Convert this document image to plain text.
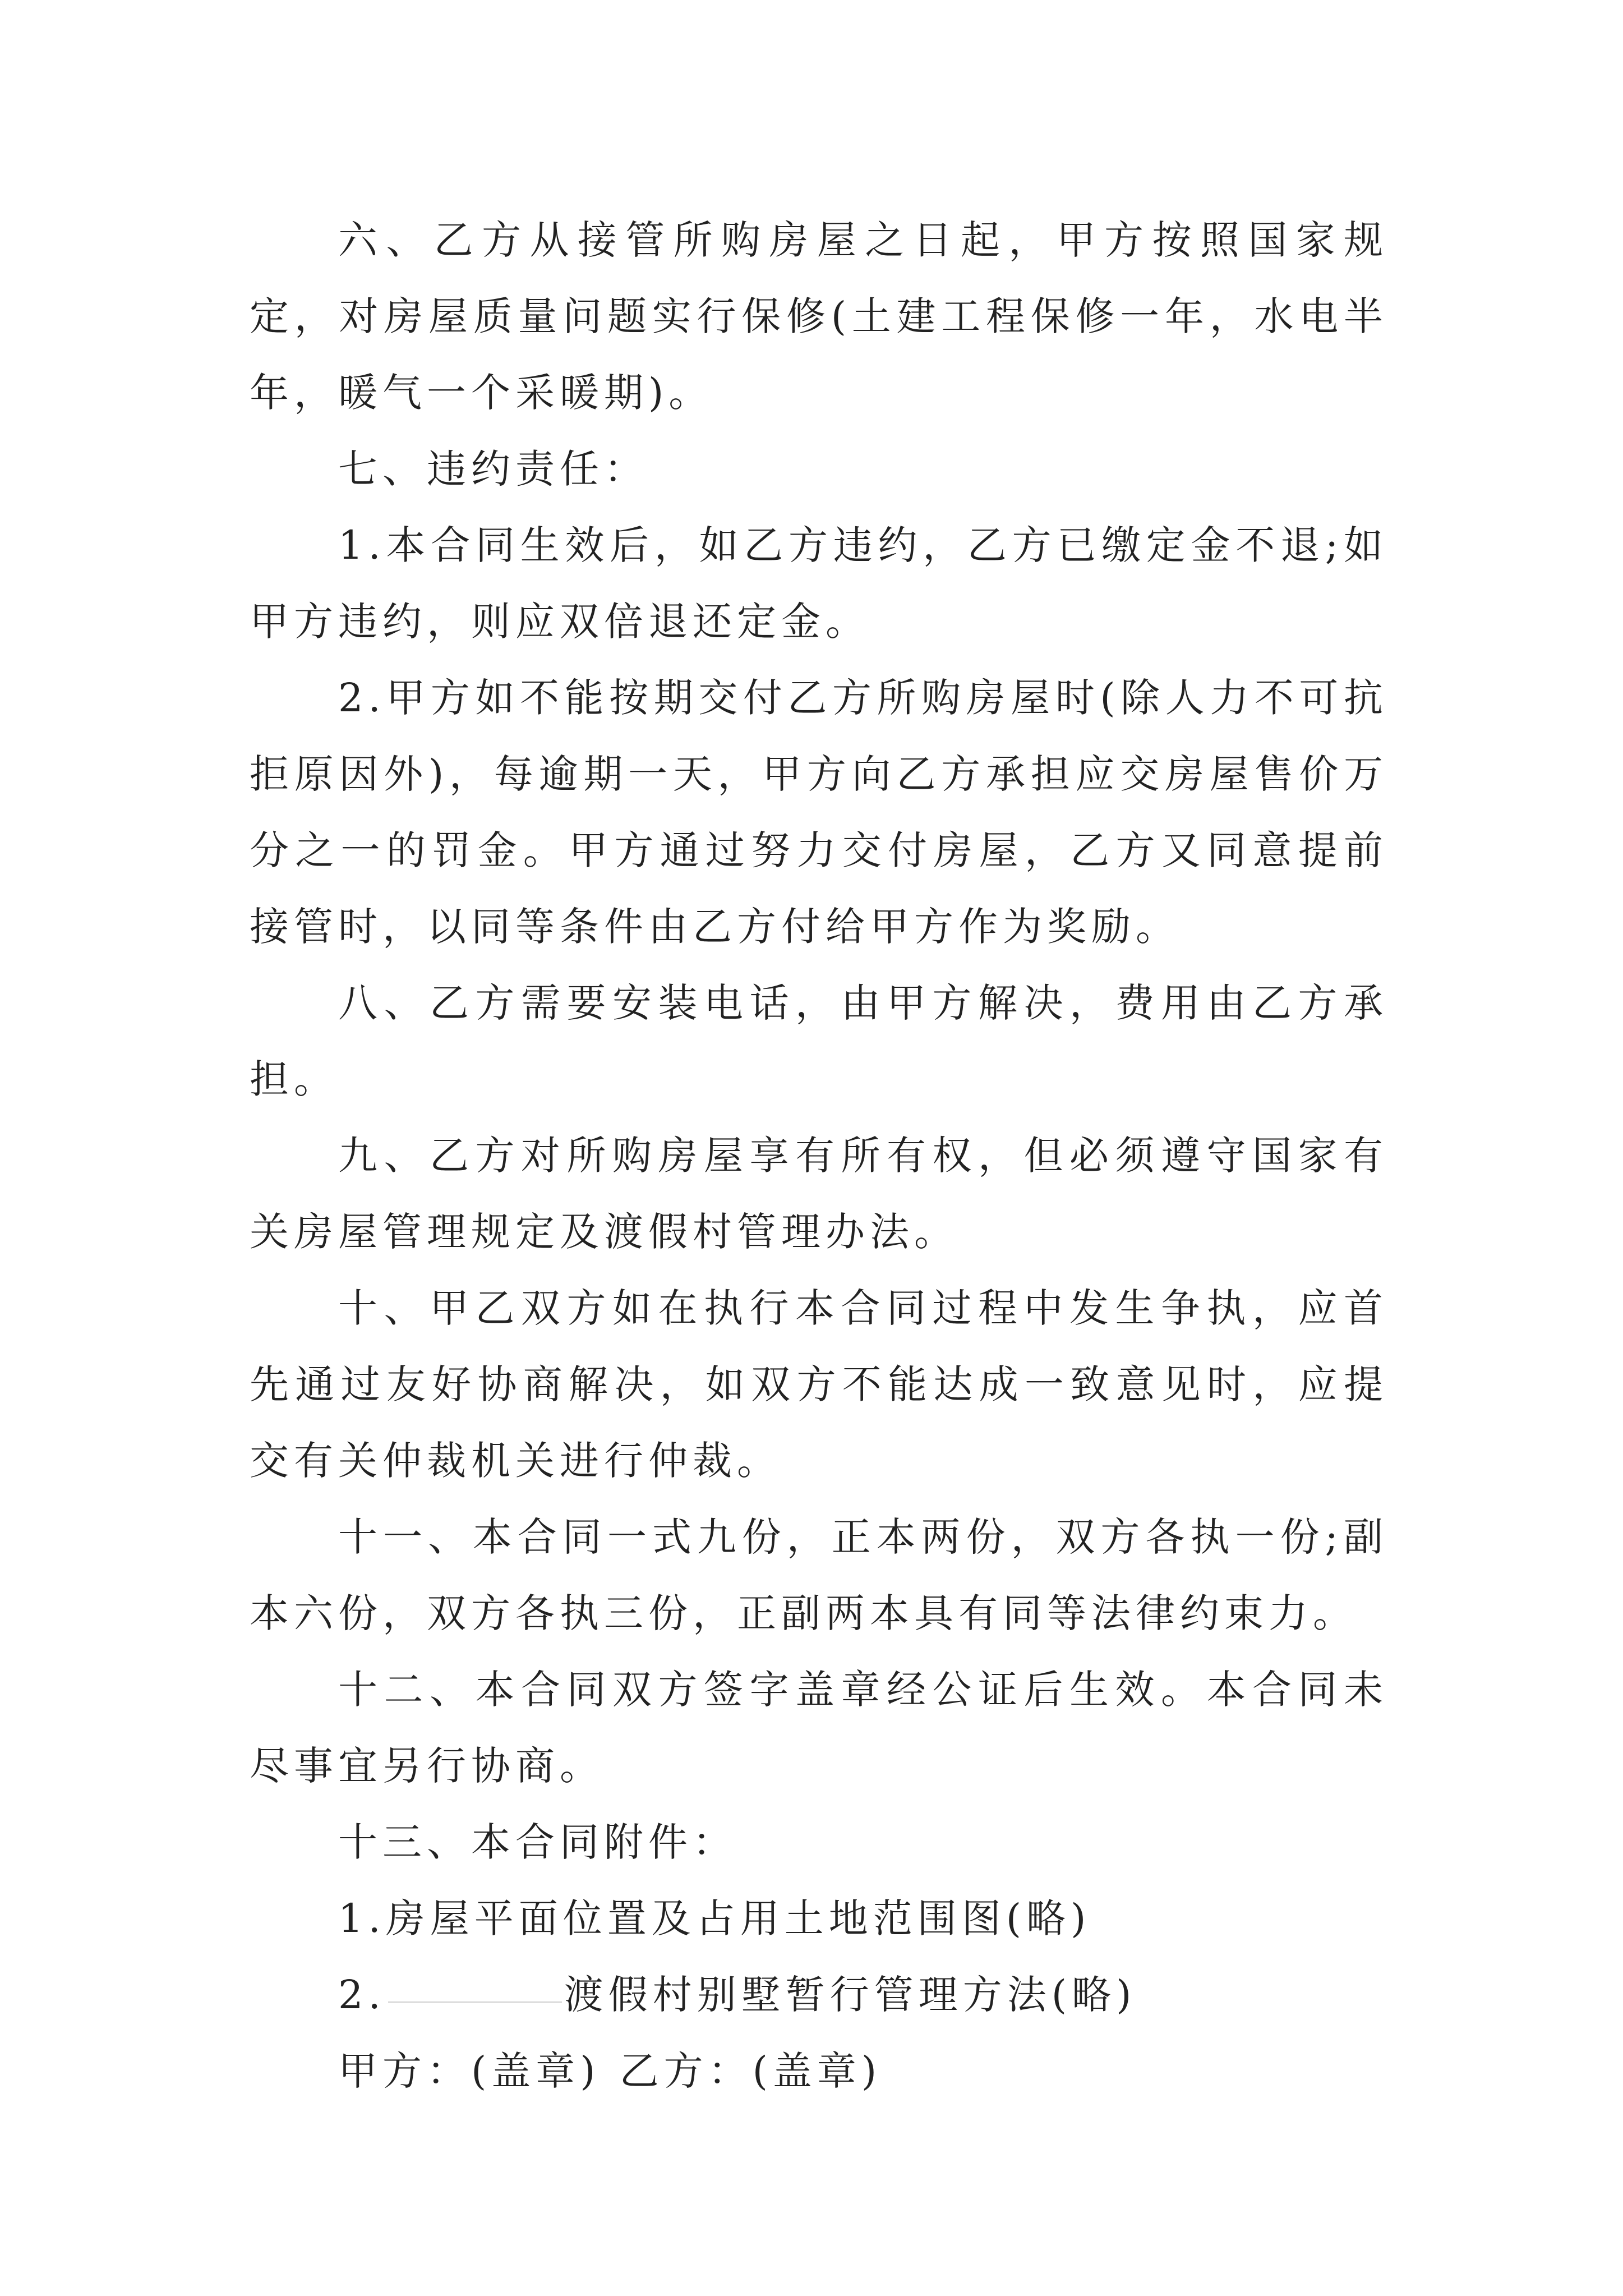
六、乙方从接管所购房屋之日起，甲方按照国家规定，对房屋质量问题实行保修(土建工程保修一年，水电半年，暖气一个采暖期)。

七、违约责任：

1.本合同生效后，如乙方违约，乙方已缴定金不退;如甲方违约，则应双倍退还定金。

2.甲方如不能按期交付乙方所购房屋时(除人力不可抗拒原因外)，每逾期一天，甲方向乙方承担应交房屋售价万分之一的罚金。甲方通过努力交付房屋，乙方又同意提前接管时，以同等条件由乙方付给甲方作为奖励。

八、乙方需要安装电话，由甲方解决，费用由乙方承担。

九、乙方对所购房屋享有所有权，但必须遵守国家有关房屋管理规定及渡假村管理办法。

十、甲乙双方如在执行本合同过程中发生争执，应首先通过友好协商解决，如双方不能达成一致意见时，应提交有关仲裁机关进行仲裁。

十一、本合同一式九份，正本两份，双方各执一份;副本六份，双方各执三份，正副两本具有同等法律约束力。

十二、本合同双方签字盖章经公证后生效。本合同未尽事宜另行协商。

十三、本合同附件：

1.房屋平面位置及占用土地范围图(略)

2.	渡假村别墅暂行管理方法(略)

甲方：(盖章) 乙方：(盖章)
